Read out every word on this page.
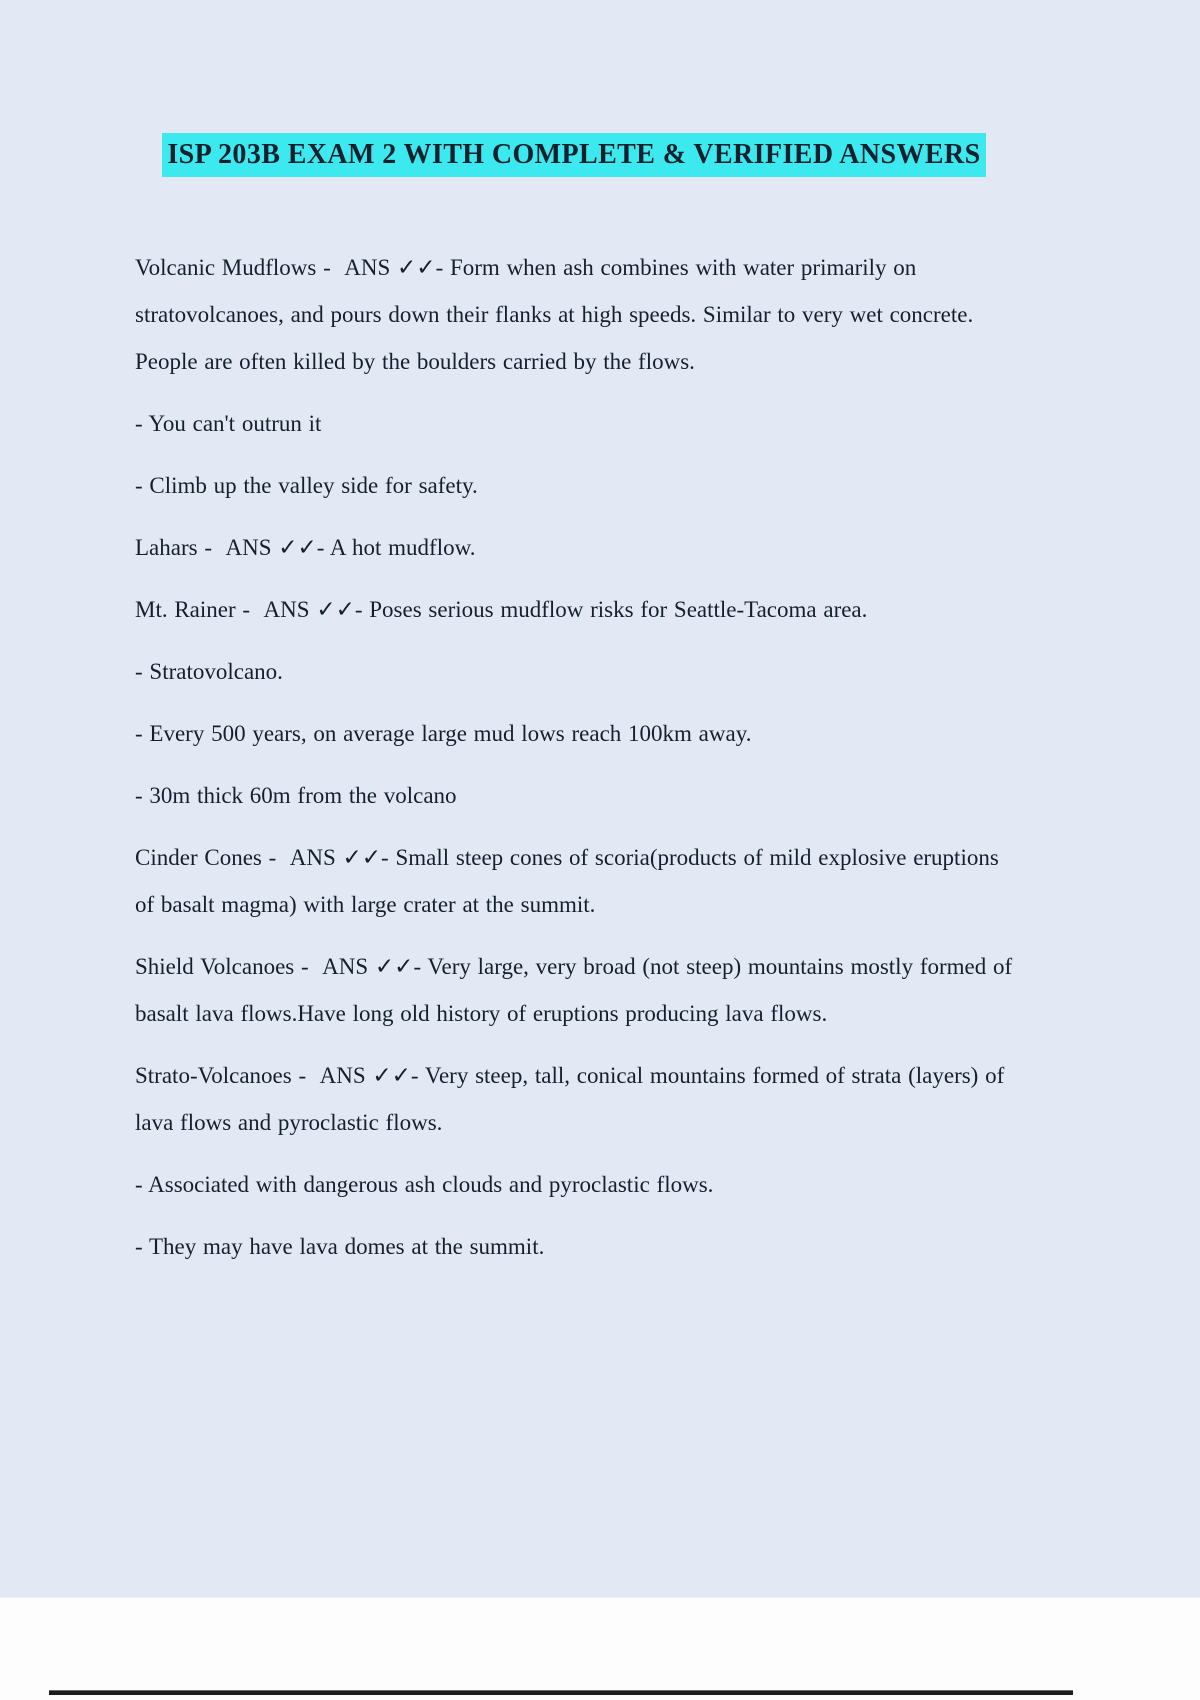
ISP 203B EXAM 2 WITH COMPLETE & VERIFIED ANSWERS

Volcanic Mudflows -  ANS ✓✓- Form when ash combines with water primarily on stratovolcanoes, and pours down their flanks at high speeds. Similar to very wet concrete. People are often killed by the boulders carried by the flows.

- You can't outrun it

- Climb up the valley side for safety.

Lahars -  ANS ✓✓- A hot mudflow.

Mt. Rainer -  ANS ✓✓- Poses serious mudflow risks for Seattle-Tacoma area.

- Stratovolcano.

- Every 500 years, on average large mud lows reach 100km away.

- 30m thick 60m from the volcano

Cinder Cones -  ANS ✓✓- Small steep cones of scoria(products of mild explosive eruptions of basalt magma) with large crater at the summit.

Shield Volcanoes -  ANS ✓✓- Very large, very broad (not steep) mountains mostly formed of basalt lava flows.Have long old history of eruptions producing lava flows.

Strato-Volcanoes -  ANS ✓✓- Very steep, tall, conical mountains formed of strata (layers) of lava flows and pyroclastic flows.

- Associated with dangerous ash clouds and pyroclastic flows.

- They may have lava domes at the summit.
